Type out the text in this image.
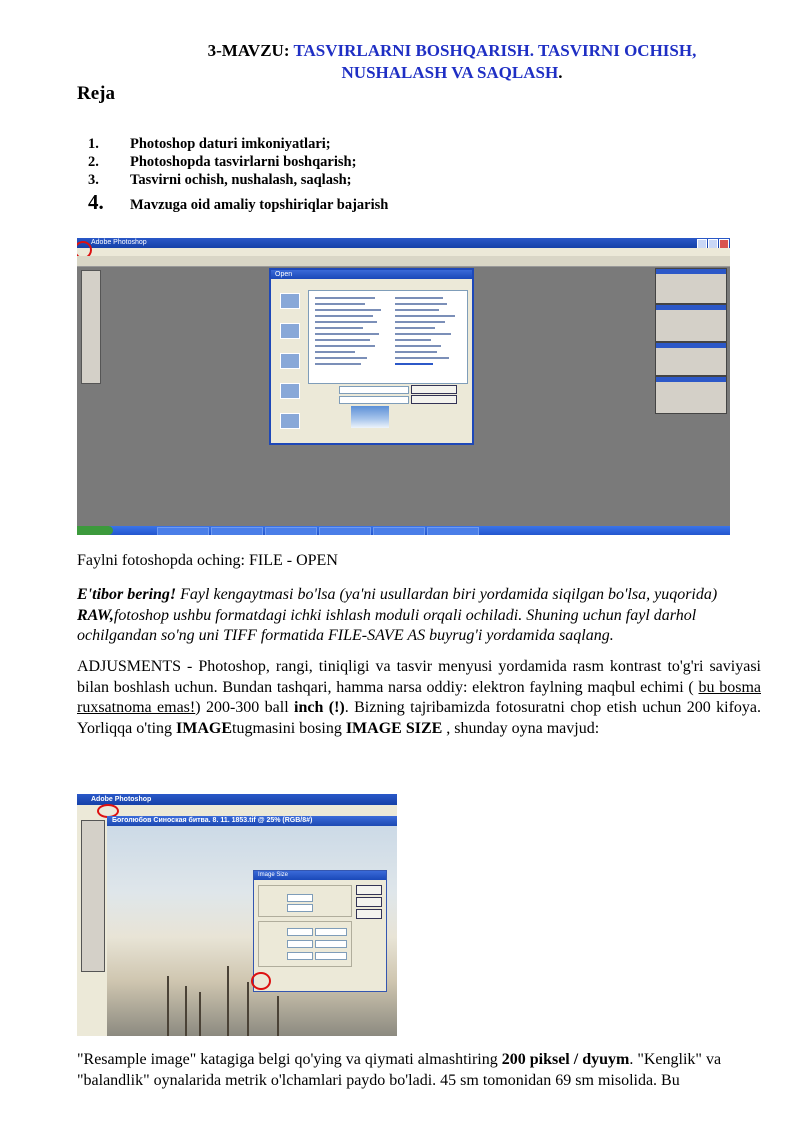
3-MAVZU: TASVIRLARNI BOSHQARISH. TASVIRNI OCHISH,
NUSHALASH VA SAQLASH.
Reja
1. Photoshop daturi imkoniyatlari;
2. Photoshopda tasvirlarni boshqarish;
3. Tasvirni ochish, nushalash, saqlash;
4. Mavzuga oid amaliy topshiriqlar bajarish
Adobe Photoshop
Open
Faylni fotoshopda oching: FILE - OPEN
E'tibor bering! Fayl kengaytmasi bo'lsa (ya'ni usullardan biri yordamida siqilgan bo'lsa, yuqorida) RAW,fotoshop ushbu formatdagi ichki ishlash moduli orqali ochiladi. Shuning uchun fayl darhol ochilgandan so'ng uni TIFF formatida FILE-SAVE AS buyrug'i yordamida saqlang.
ADJUSMENTS - Photoshop, rangi, tiniqligi va tasvir menyusi yordamida rasm kontrast to'g'ri saviyasi bilan boshlash uchun. Bundan tashqari, hamma narsa oddiy: elektron faylning maqbul echimi ( bu bosma ruxsatnoma emas!) 200-300 ball inch (!). Bizning tajribamizda fotosuratni chop etish uchun 200 kifoya. Yorliqqa o'ting IMAGEtugmasini bosing IMAGE SIZE , shunday oyna mavjud:
Adobe Photoshop
Боголюбов Синоская битва. 8. 11. 1853.tif @ 25% (RGB/8#)
Image Size
"Resample image" katagiga belgi qo'ying va qiymati almashtiring 200 piksel / dyuym. "Kenglik" va "balandlik" oynalarida metrik o'lchamlari paydo bo'ladi. 45 sm tomonidan 69 sm misolida. Bu
